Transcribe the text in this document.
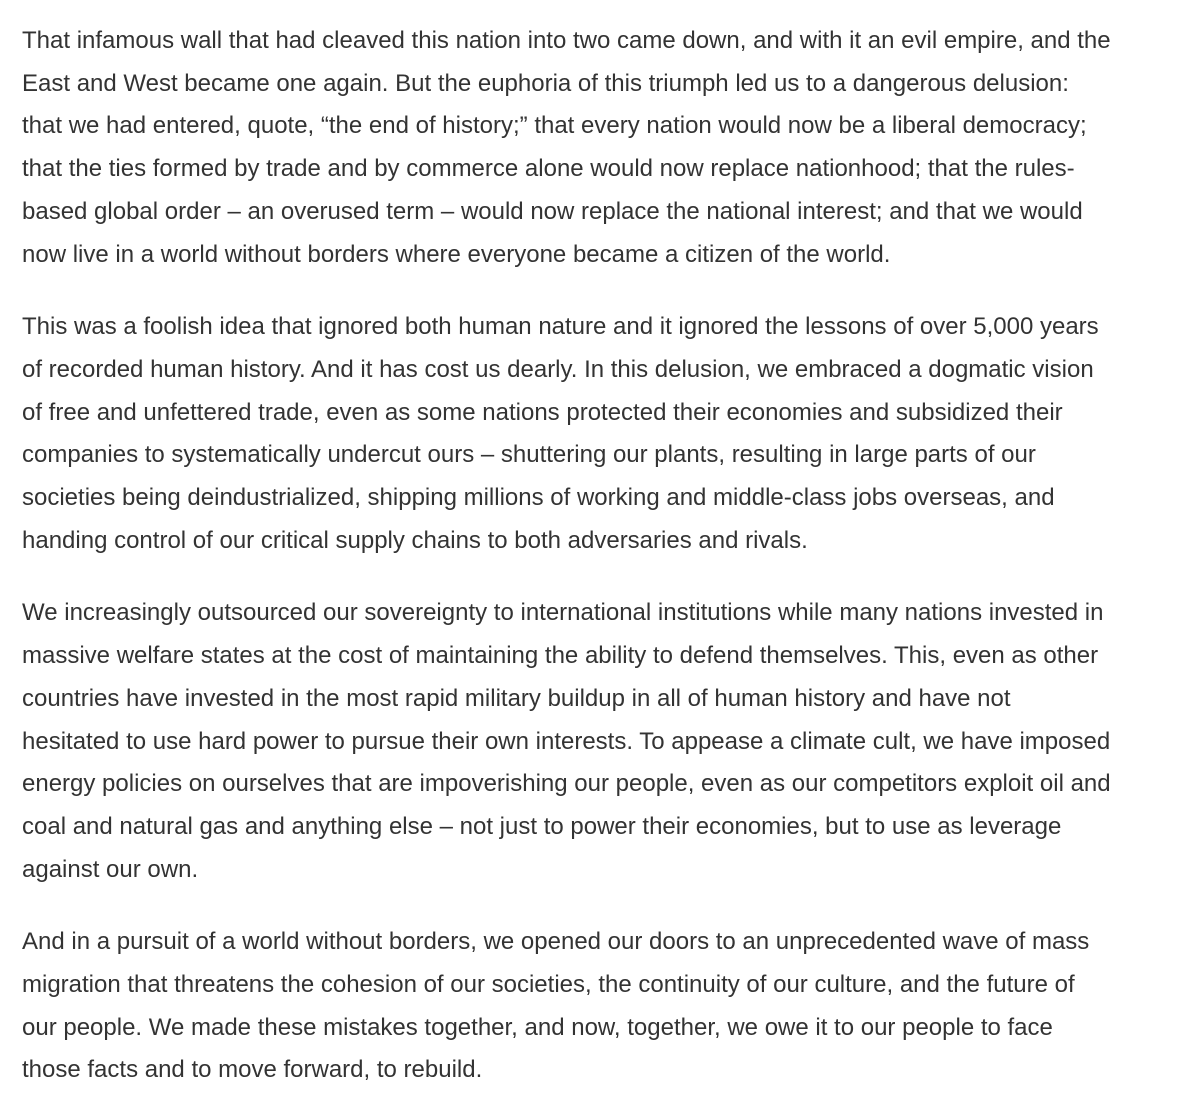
That infamous wall that had cleaved this nation into two came down, and with it an evil empire, and the
East and West became one again. But the euphoria of this triumph led us to a dangerous delusion:
that we had entered, quote, “the end of history;” that every nation would now be a liberal democracy;
that the ties formed by trade and by commerce alone would now replace nationhood; that the rules-
based global order – an overused term – would now replace the national interest; and that we would
now live in a world without borders where everyone became a citizen of the world.

This was a foolish idea that ignored both human nature and it ignored the lessons of over 5,000 years
of recorded human history. And it has cost us dearly. In this delusion, we embraced a dogmatic vision
of free and unfettered trade, even as some nations protected their economies and subsidized their
companies to systematically undercut ours – shuttering our plants, resulting in large parts of our
societies being deindustrialized, shipping millions of working and middle-class jobs overseas, and
handing control of our critical supply chains to both adversaries and rivals.

We increasingly outsourced our sovereignty to international institutions while many nations invested in
massive welfare states at the cost of maintaining the ability to defend themselves. This, even as other
countries have invested in the most rapid military buildup in all of human history and have not
hesitated to use hard power to pursue their own interests. To appease a climate cult, we have imposed
energy policies on ourselves that are impoverishing our people, even as our competitors exploit oil and
coal and natural gas and anything else – not just to power their economies, but to use as leverage
against our own.

And in a pursuit of a world without borders, we opened our doors to an unprecedented wave of mass
migration that threatens the cohesion of our societies, the continuity of our culture, and the future of
our people. We made these mistakes together, and now, together, we owe it to our people to face
those facts and to move forward, to rebuild.
